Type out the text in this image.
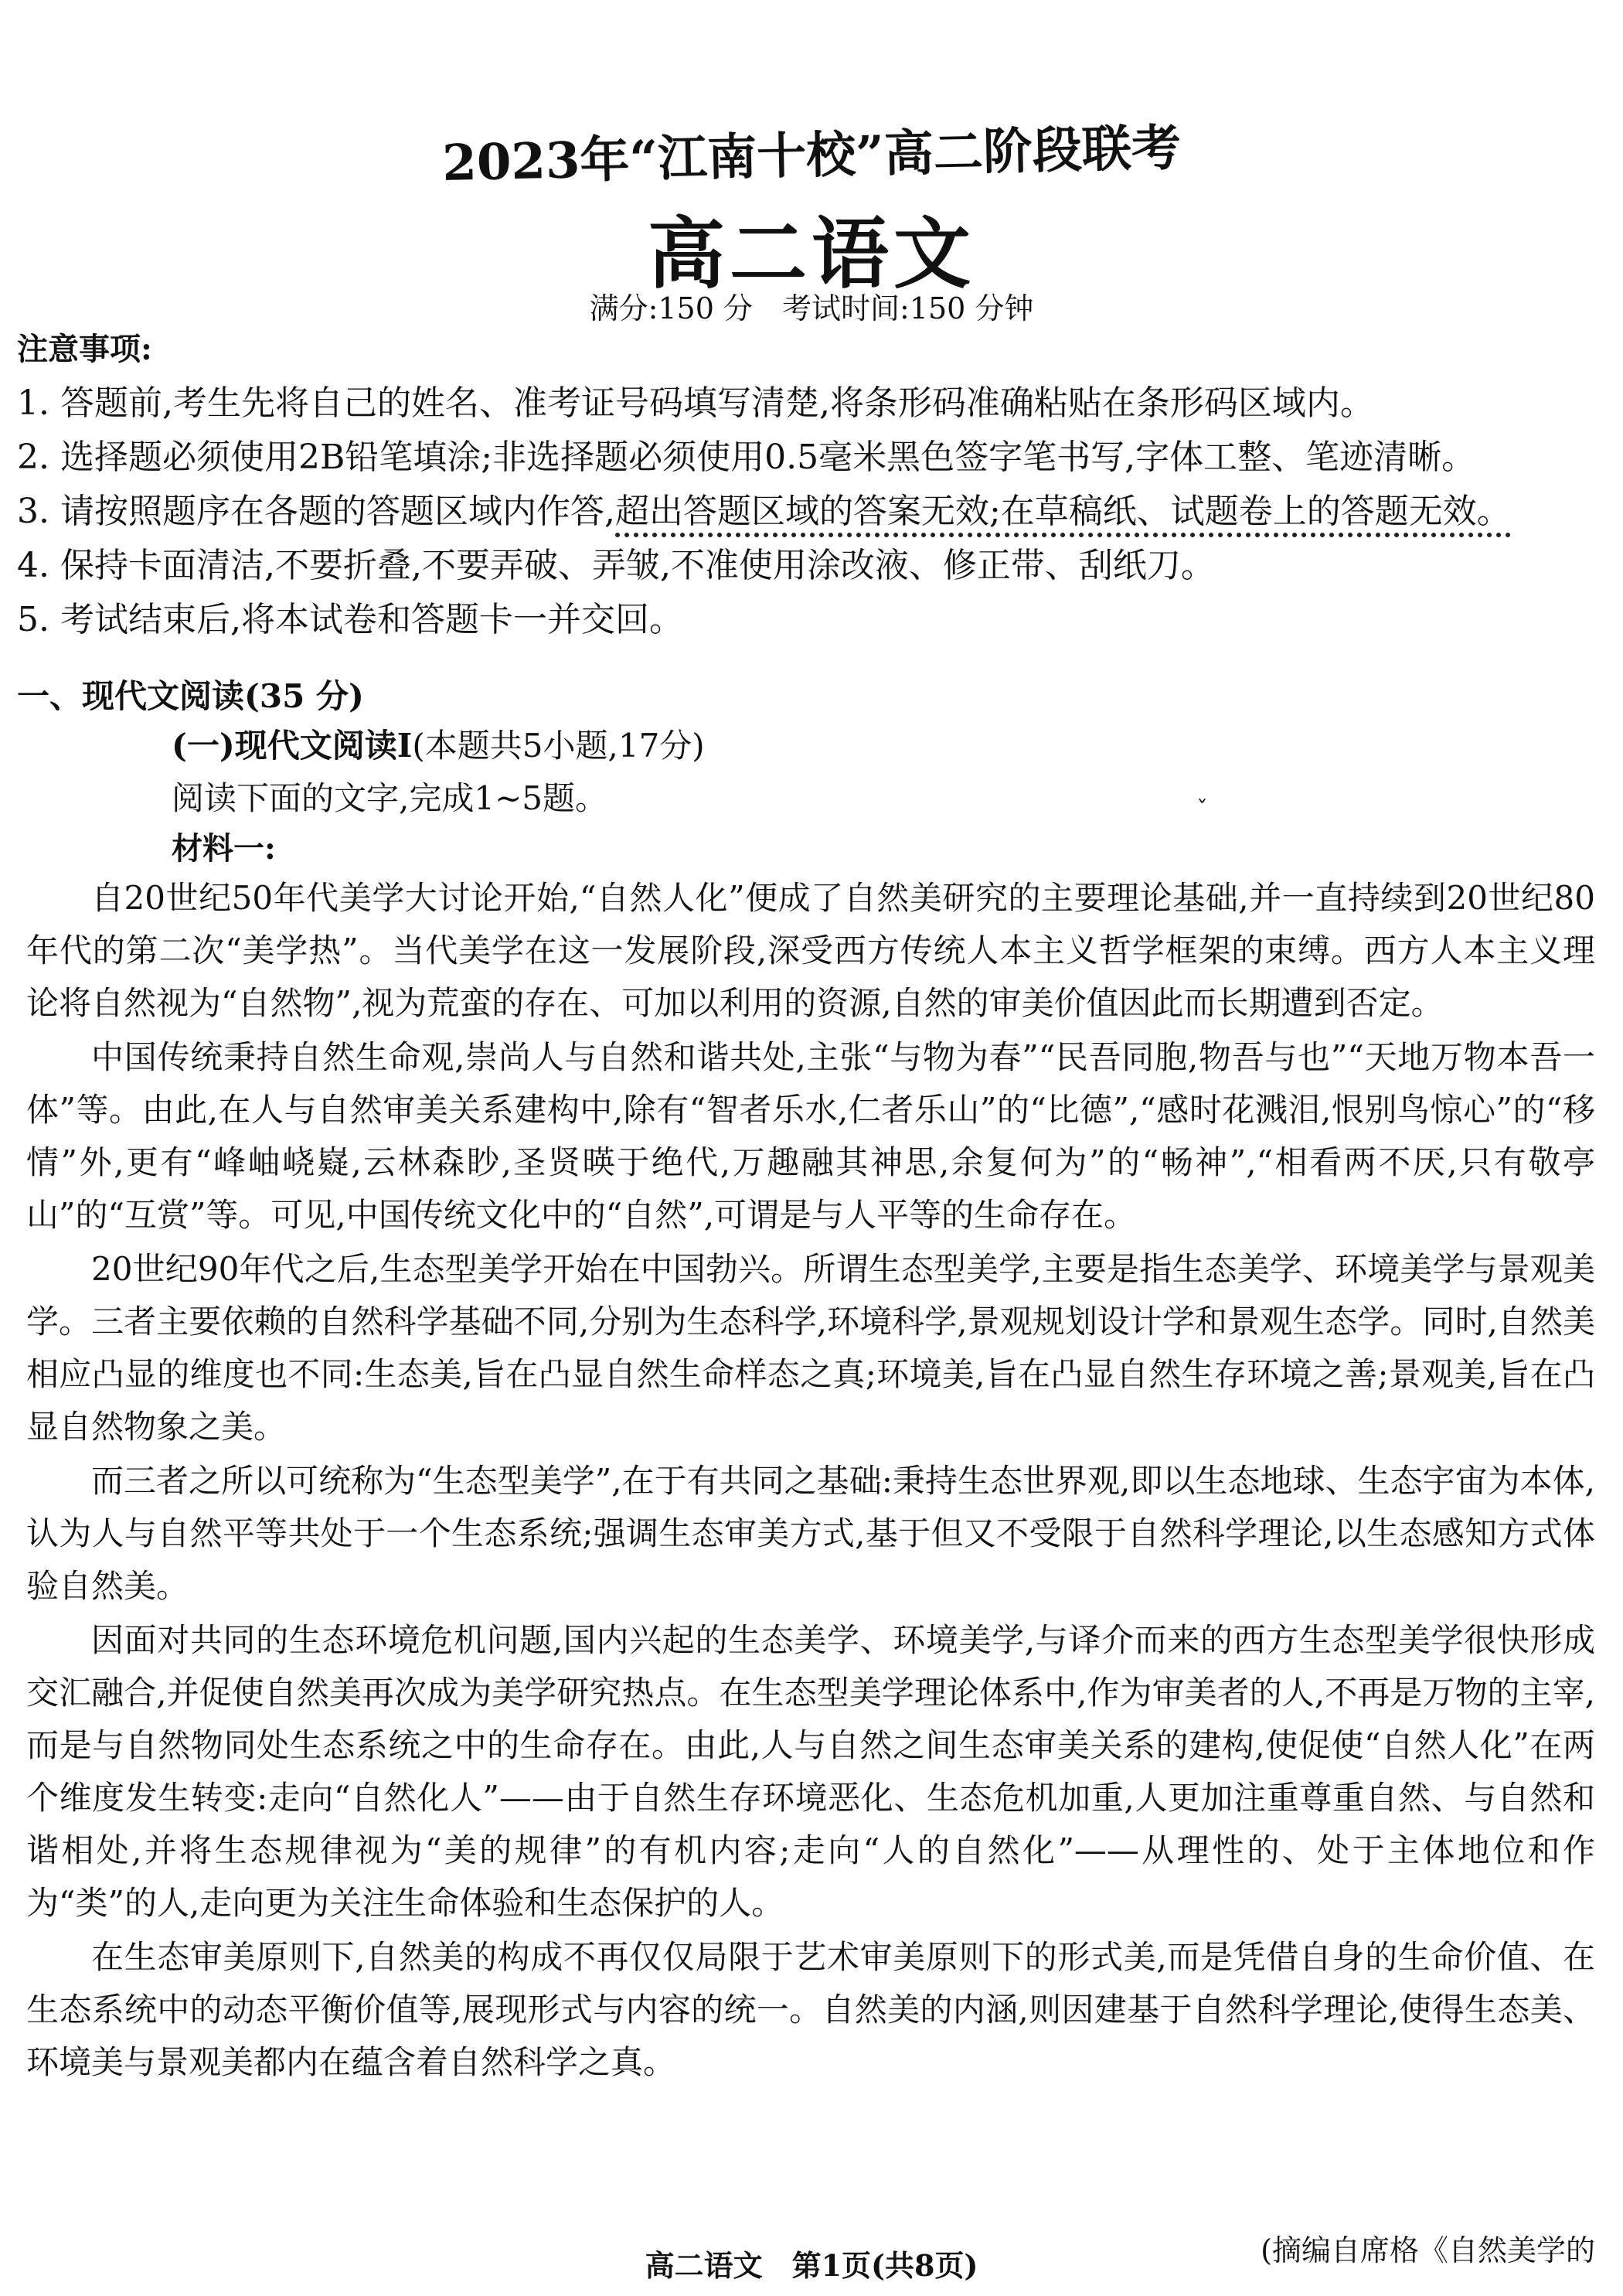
2023年“江南十校”高二阶段联考
高二语文
满分:150 分　考试时间:150 分钟
注意事项:
1. 答题前,考生先将自己的姓名、准考证号码填写清楚,将条形码准确粘贴在条形码区域内。
2. 选择题必须使用2B铅笔填涂;非选择题必须使用0.5毫米黑色签字笔书写,字体工整、笔迹清晰。
3. 请按照题序在各题的答题区域内作答,超出答题区域的答案无效;在草稿纸、试题卷上的答题无效。
4. 保持卡面清洁,不要折叠,不要弄破、弄皱,不准使用涂改液、修正带、刮纸刀。
5. 考试结束后,将本试卷和答题卡一并交回。
一、现代文阅读(35 分)
(一)现代文阅读Ⅰ(本题共5小题,17分)
阅读下面的文字,完成1~5题。	ˇ
材料一:

自20世纪50年代美学大讨论开始,“自然人化”便成了自然美研究的主要理论基础,并一直持续到20世纪80年代的第二次“美学热”。当代美学在这一发展阶段,深受西方传统人本主义哲学框架的束缚。西方人本主义理论将自然视为“自然物”,视为荒蛮的存在、可加以利用的资源,自然的审美价值因此而长期遭到否定。

中国传统秉持自然生命观,崇尚人与自然和谐共处,主张“与物为春”“民吾同胞,物吾与也”“天地万物本吾一体”等。由此,在人与自然审美关系建构中,除有“智者乐水,仁者乐山”的“比德”,“感时花溅泪,恨别鸟惊心”的“移情”外,更有“峰岫峣嶷,云林森眇,圣贤暎于绝代,万趣融其神思,余复何为”的“畅神”,“相看两不厌,只有敬亭山”的“互赏”等。可见,中国传统文化中的“自然”,可谓是与人平等的生命存在。

20世纪90年代之后,生态型美学开始在中国勃兴。所谓生态型美学,主要是指生态美学、环境美学与景观美学。三者主要依赖的自然科学基础不同,分别为生态科学,环境科学,景观规划设计学和景观生态学。同时,自然美相应凸显的维度也不同:生态美,旨在凸显自然生命样态之真;环境美,旨在凸显自然生存环境之善;景观美,旨在凸显自然物象之美。

而三者之所以可统称为“生态型美学”,在于有共同之基础:秉持生态世界观,即以生态地球、生态宇宙为本体,认为人与自然平等共处于一个生态系统;强调生态审美方式,基于但又不受限于自然科学理论,以生态感知方式体验自然美。

因面对共同的生态环境危机问题,国内兴起的生态美学、环境美学,与译介而来的西方生态型美学很快形成交汇融合,并促使自然美再次成为美学研究热点。在生态型美学理论体系中,作为审美者的人,不再是万物的主宰,而是与自然物同处生态系统之中的生命存在。由此,人与自然之间生态审美关系的建构,使促使“自然人化”在两个维度发生转变:走向“自然化人”——由于自然生存环境恶化、生态危机加重,人更加注重尊重自然、与自然和谐相处,并将生态规律视为“美的规律”的有机内容;走向“人的自然化”——从理性的、处于主体地位和作为“类”的人,走向更为关注生命体验和生态保护的人。

在生态审美原则下,自然美的构成不再仅仅局限于艺术审美原则下的形式美,而是凭借自身的生命价值、在生态系统中的动态平衡价值等,展现形式与内容的统一。自然美的内涵,则因建基于自然科学理论,使得生态美、环境美与景观美都内在蕴含着自然科学之真。

(摘编自席格《自然美学的
高二语文　第1页(共8页)
